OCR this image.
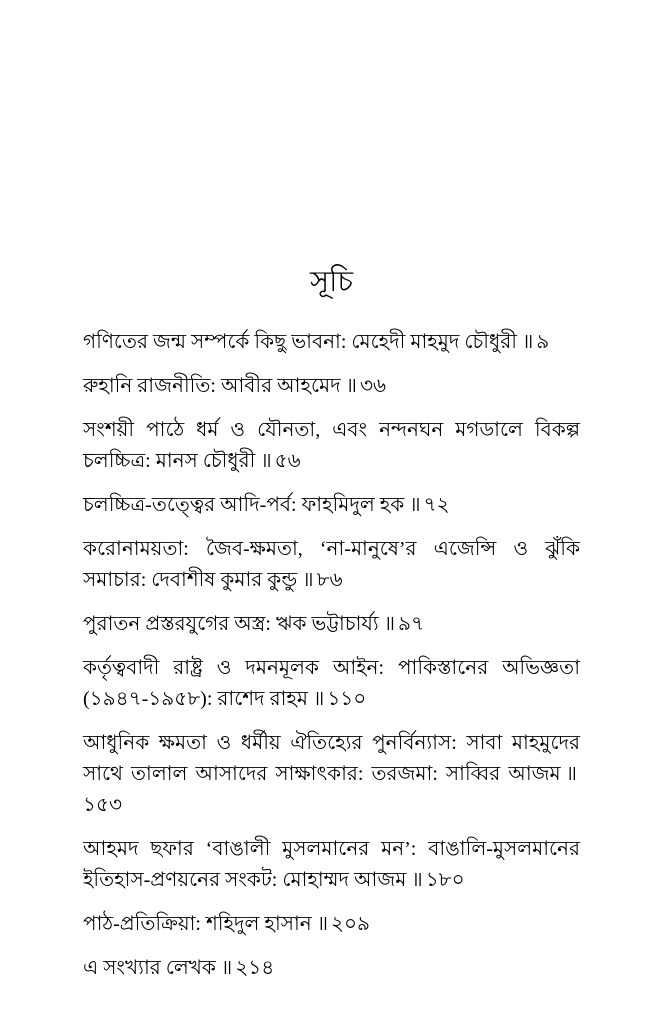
সূচি

গণিতের জন্ম সম্পর্কে কিছু ভাবনা: মেহেদী মাহমুদ চৌধুরী ॥ ৯

রুহানি রাজনীতি: আবীর আহমেদ ॥ ৩৬

সংশয়ী পাঠে ধর্ম ও যৌনতা, এবং নন্দনঘন মগডালে বিকল্প চলচ্চিত্র: মানস চৌধুরী ॥ ৫৬

চলচ্চিত্র-তত্ত্বের আদি-পর্ব: ফাহমিদুল হক ॥ ৭২

করোনাময়তা: জৈব-ক্ষমতা, ‘না-মানুষে’র এজেন্সি ও ঝুঁকি সমাচার: দেবাশীষ কুমার কুন্ডু ॥ ৮৬

পুরাতন প্রস্তরযুগের অস্ত্র: ঋক ভট্টাচার্য্য ॥ ৯৭

কর্তৃত্ববাদী রাষ্ট্র ও দমনমূলক আইন: পাকিস্তানের অভিজ্ঞতা (১৯৪৭-১৯৫৮): রাশেদ রাহম ॥ ১১০

আধুনিক ক্ষমতা ও ধর্মীয় ঐতিহ্যের পুনর্বিন্যাস: সাবা মাহমুদের সাথে তালাল আসাদের সাক্ষাৎকার: তরজমা: সাব্বির আজম ॥১৫৩

আহমদ ছফার ‘বাঙালী মুসলমানের মন’: বাঙালি-মুসলমানের ইতিহাস-প্রণয়নের সংকট: মোহাম্মদ আজম ॥ ১৮০

পাঠ-প্রতিক্রিয়া: শহিদুল হাসান ॥ ২০৯

এ সংখ্যার লেখক ॥ ২১৪
